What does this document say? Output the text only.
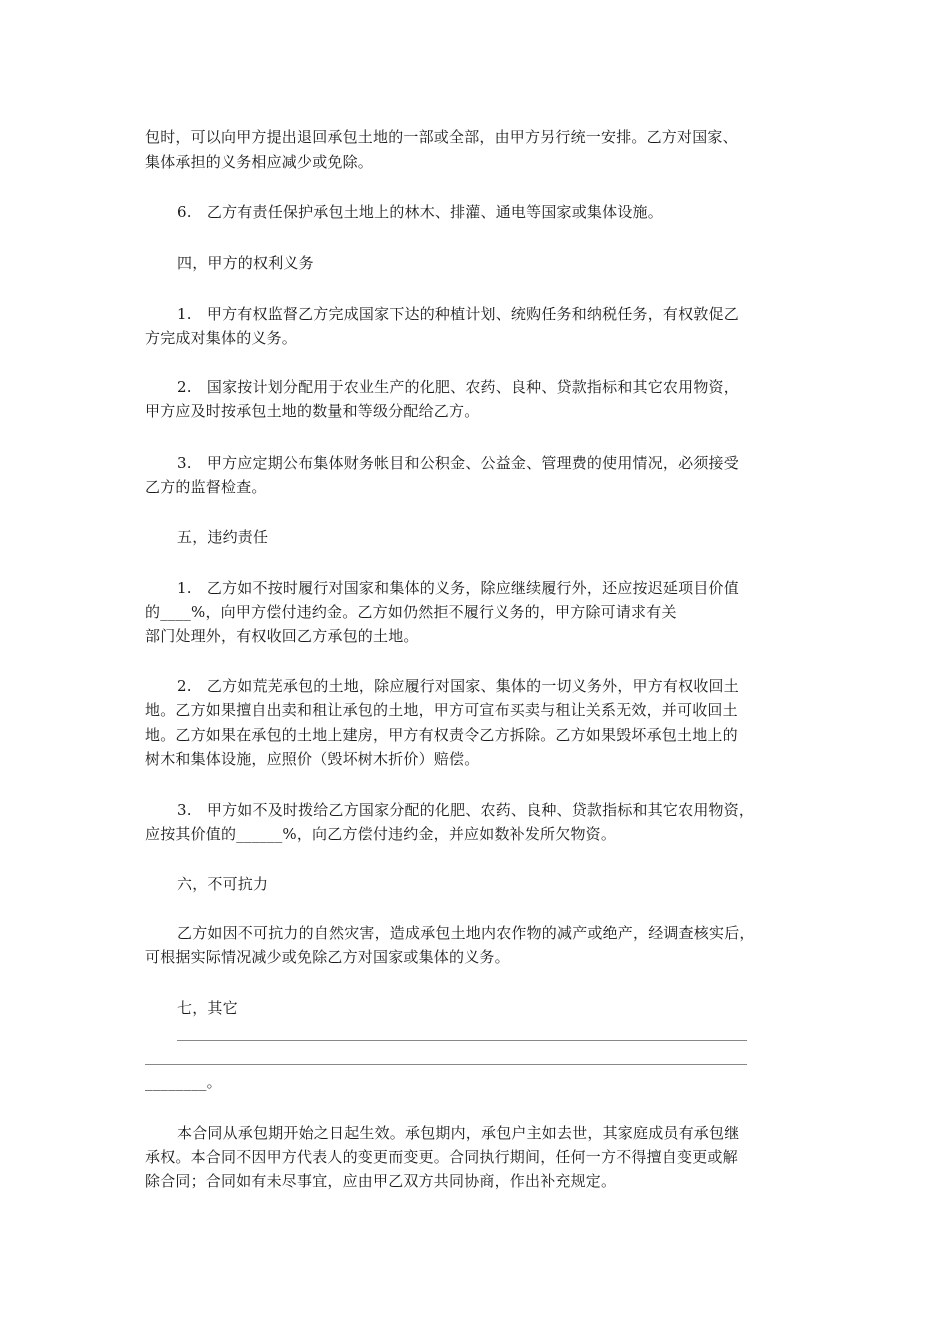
包时，可以向甲方提出退回承包土地的一部或全部，由甲方另行统一安排。乙方对国家、
集体承担的义务相应减少或免除。
6.　乙方有责任保护承包土地上的林木、排灌、通电等国家或集体设施。
四，甲方的权利义务
1.　甲方有权监督乙方完成国家下达的种植计划、统购任务和纳税任务，有权敦促乙
方完成对集体的义务。
2.　国家按计划分配用于农业生产的化肥、农药、良种、贷款指标和其它农用物资，
甲方应及时按承包土地的数量和等级分配给乙方。
3.　甲方应定期公布集体财务帐目和公积金、公益金、管理费的使用情况，必须接受
乙方的监督检查。
五，违约责任
1.　乙方如不按时履行对国家和集体的义务，除应继续履行外，还应按迟延项目价值
的____%，向甲方偿付违约金。乙方如仍然拒不履行义务的，甲方除可请求有关
部门处理外，有权收回乙方承包的土地。
2.　乙方如荒芜承包的土地，除应履行对国家、集体的一切义务外，甲方有权收回土
地。乙方如果擅自出卖和租让承包的土地，甲方可宣布买卖与租让关系无效，并可收回土
地。乙方如果在承包的土地上建房，甲方有权责令乙方拆除。乙方如果毁坏承包土地上的
树木和集体设施，应照价（毁坏树木折价）赔偿。
3.　甲方如不及时拨给乙方国家分配的化肥、农药、良种、贷款指标和其它农用物资，
应按其价值的______%，向乙方偿付违约金，并应如数补发所欠物资。
六，不可抗力
乙方如因不可抗力的自然灾害，造成承包土地内农作物的减产或绝产，经调查核实后，
可根据实际情况减少或免除乙方对国家或集体的义务。
七，其它
________。
本合同从承包期开始之日起生效。承包期内，承包户主如去世，其家庭成员有承包继
承权。本合同不因甲方代表人的变更而变更。合同执行期间，任何一方不得擅自变更或解
除合同；合同如有未尽事宜，应由甲乙双方共同协商，作出补充规定。
